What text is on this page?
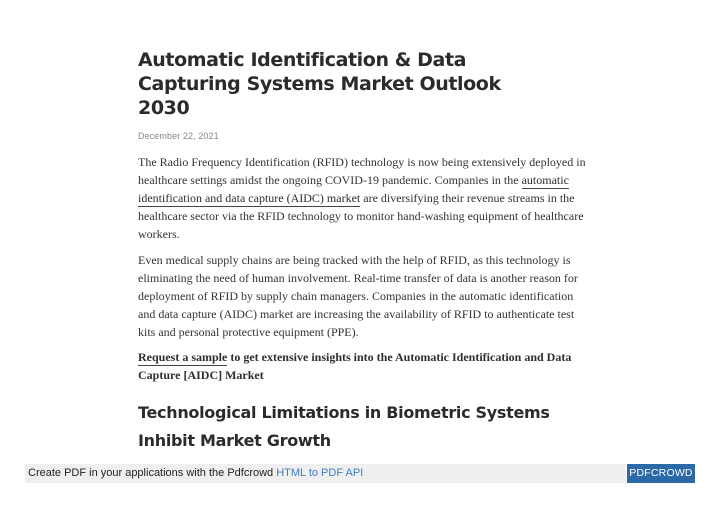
Automatic Identification & Data Capturing Systems Market Outlook 2030
December 22, 2021

The Radio Frequency Identification (RFID) technology is now being extensively deployed in healthcare settings amidst the ongoing COVID-19 pandemic. Companies in the automatic identification and data capture (AIDC) market are diversifying their revenue streams in the healthcare sector via the RFID technology to monitor hand-washing equipment of healthcare workers.

Even medical supply chains are being tracked with the help of RFID, as this technology is eliminating the need of human involvement. Real-time transfer of data is another reason for deployment of RFID by supply chain managers. Companies in the automatic identification and data capture (AIDC) market are increasing the availability of RFID to authenticate test kits and personal protective equipment (PPE).

Request a sample to get extensive insights into the Automatic Identification and Data Capture [AIDC] Market

Technological Limitations in Biometric Systems Inhibit Market Growth
Create PDF in your applications with the Pdfcrowd HTML to PDF API	PDFCROWD
